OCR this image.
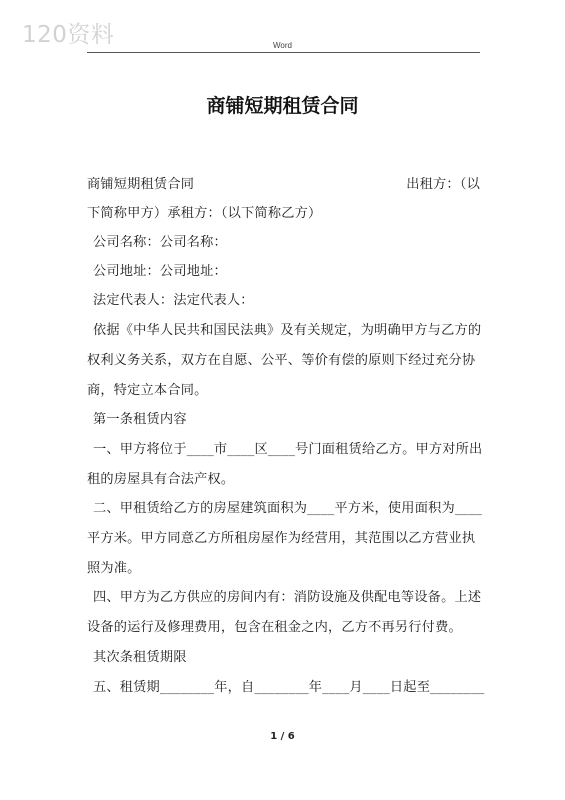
120资料	Word
商铺短期租赁合同
商铺短期租赁合同	出租方：（以
下简称甲方）承租方：（以下简称乙方）
公司名称：公司名称：
公司地址：公司地址：
法定代表人：法定代表人：
依据《中华人民共和国民法典》及有关规定，为明确甲方与乙方的
权利义务关系，双方在自愿、公平、等价有偿的原则下经过充分协
商，特定立本合同。
第一条租赁内容
一、甲方将位于____市____区____号门面租赁给乙方。甲方对所出
租的房屋具有合法产权。
二、甲租赁给乙方的房屋建筑面积为____平方米，使用面积为____
平方米。甲方同意乙方所租房屋作为经营用，其范围以乙方营业执
照为准。
四、甲方为乙方供应的房间内有：消防设施及供配电等设备。上述
设备的运行及修理费用，包含在租金之内，乙方不再另行付费。
其次条租赁期限
五、租赁期________年，自________年____月____日起至________
1 / 6
